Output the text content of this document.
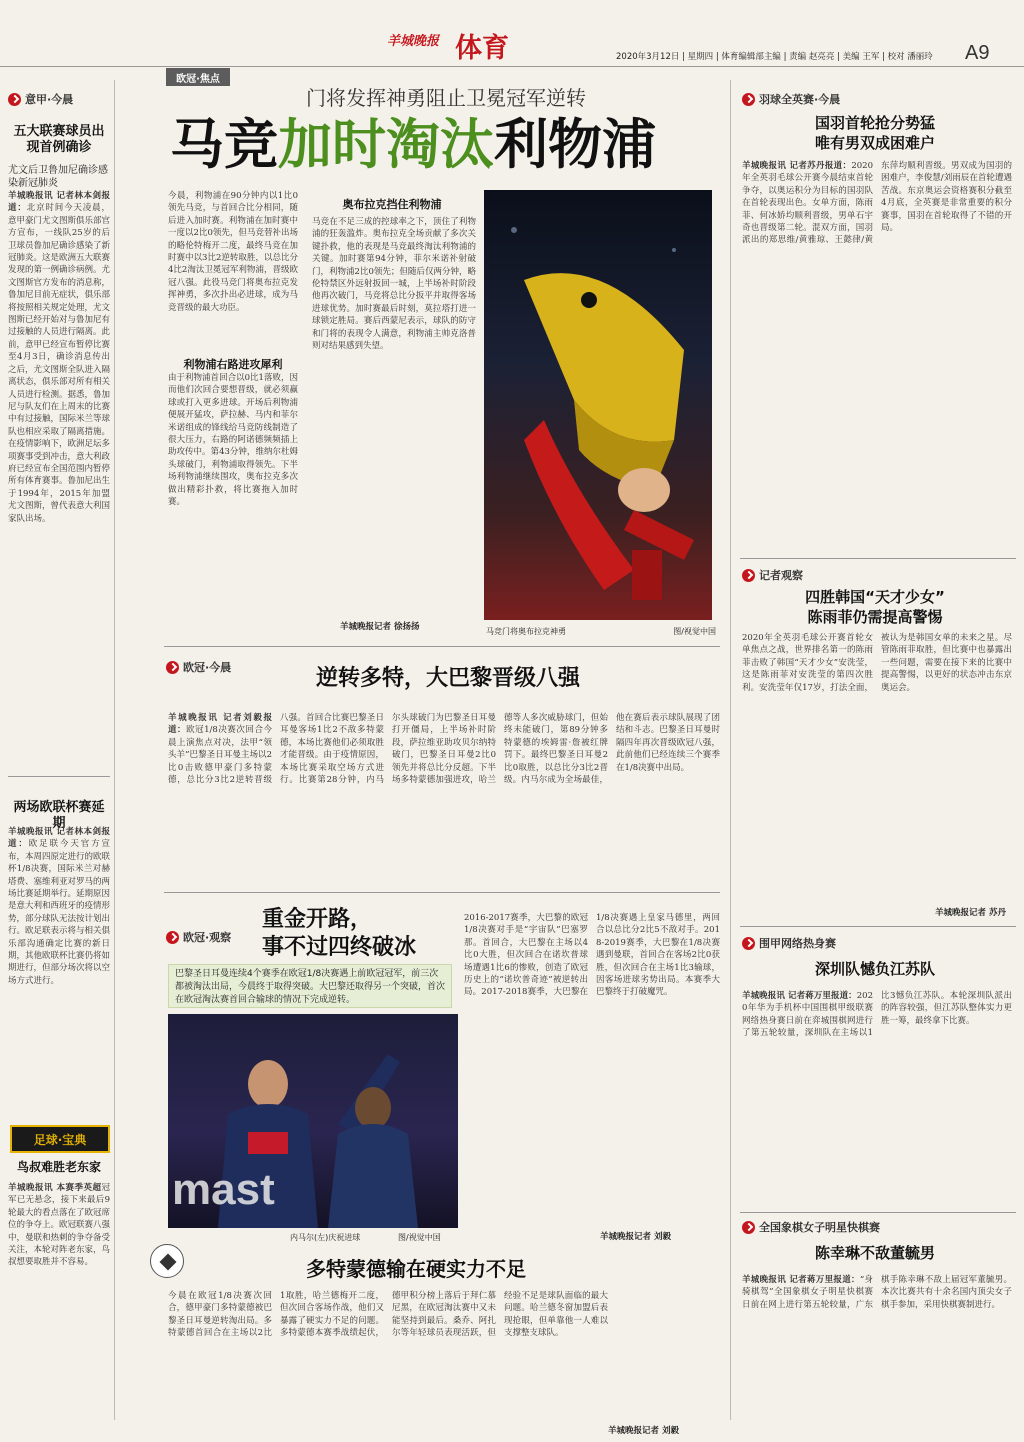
羊城晚报 体育	2020年3月12日 | 星期四 | 体育编辑部主编 | 责编 赵亮亮 | 美编 王军 | 校对 潘丽玲	A9
意甲·今晨
五大联赛球员出现首例确诊
尤文后卫鲁加尼确诊感染新冠肺炎
羊城晚报讯 记者林本剑报道：北京时间今天凌晨，意甲豪门尤文图斯俱乐部官方宣布，一线队25岁的后卫球员鲁加尼确诊感染了新冠肺炎。这是欧洲五大联赛发现的第一例确诊病例。尤文图斯官方发布的消息称，鲁加尼目前无症状，俱乐部将按照相关规定处理，尤文图斯已经开始对与鲁加尼有过接触的人员进行隔离。此前，意甲已经宣布暂停比赛至4月3日，确诊消息传出之后，尤文图斯全队进入隔离状态，俱乐部对所有相关人员进行检测。据悉，鲁加尼与队友们在上周末的比赛中有过接触，国际米兰等球队也相应采取了隔离措施。在疫情影响下，欧洲足坛多项赛事受到冲击，意大利政府已经宣布全国范围内暂停所有体育赛事。鲁加尼出生于1994年，2015年加盟尤文图斯，曾代表意大利国家队出场。
两场欧联杯赛延期
羊城晚报讯 记者林本剑报道：欧足联今天官方宣布，本周四原定进行的欧联杯1/8决赛，国际米兰对赫塔费、塞维利亚对罗马的两场比赛延期举行。延期原因是意大利和西班牙的疫情形势，部分球队无法按计划出行。欧足联表示将与相关俱乐部沟通确定比赛的新日期，其他欧联杯比赛仍将如期进行，但部分场次将以空场方式进行。
足球·宝典
鸟叔难胜老东家
羊城晚报讯 本赛季英超冠军已无悬念，接下来最后9轮最大的看点落在了欧冠席位的争夺上。欧冠联赛八强中，曼联和热刺的争夺备受关注，本轮对阵老东家，鸟叔想要取胜并不容易。
欧冠·焦点
门将发挥神勇阻止卫冕冠军逆转
马竞加时淘汰利物浦
今晨，利物浦在90分钟内以1比0领先马竞，与首回合比分相同，随后进入加时赛。利物浦在加时赛中一度以2比0领先，但马竞替补出场的略伦特梅开二度，最终马竞在加时赛中以3比2逆转取胜，以总比分4比2淘汰卫冕冠军利物浦，晋级欧冠八强。此役马竞门将奥布拉克发挥神勇，多次扑出必进球，成为马竞晋级的最大功臣。
利物浦右路进攻犀利
由于利物浦首回合以0比1落败，因而他们次回合要想晋级，就必须赢球或打入更多进球。开场后利物浦便展开猛攻，萨拉赫、马内和菲尔米诺组成的锋线给马竞防线制造了很大压力，右路的阿诺德频频插上助攻传中。第43分钟，维纳尔杜姆头球破门，利物浦取得领先。下半场利物浦继续围攻，奥布拉克多次做出精彩扑救，将比赛拖入加时赛。
奥布拉克挡住利物浦
马竞在不足三成的控球率之下，顶住了利物浦的狂轰滥炸。奥布拉克全场贡献了多次关键扑救，他的表现是马竞最终淘汰利物浦的关键。加时赛第94分钟，菲尔米诺补射破门，利物浦2比0领先；但随后仅两分钟，略伦特禁区外远射扳回一城，上半场补时阶段他再次破门，马竞将总比分扳平并取得客场进球优势。加时赛最后时刻，莫拉塔打进一球锁定胜局。赛后西蒙尼表示，球队的防守和门将的表现令人满意，利物浦主帅克洛普则对结果感到失望。
羊城晚报记者 徐扬扬	马竞门将奥布拉克神勇	图/视觉中国
欧冠·今晨	逆转多特，大巴黎晋级八强
羊城晚报讯 记者刘毅报道：欧冠1/8决赛次回合今晨上演焦点对决，法甲“领头羊”巴黎圣日耳曼主场以2比0击败德甲豪门多特蒙德，总比分3比2逆转晋级八强。首回合比赛巴黎圣日耳曼客场1比2不敌多特蒙德，本场比赛他们必须取胜才能晋级。由于疫情原因，本场比赛采取空场方式进行。比赛第28分钟，内马尔头球破门为巴黎圣日耳曼打开僵局，上半场补时阶段，萨拉维亚助攻贝尔纳特破门，巴黎圣日耳曼2比0领先并将总比分反超。下半场多特蒙德加强进攻，哈兰德等人多次威胁球门，但始终未能破门，第89分钟多特蒙德的埃姆雷·詹被红牌罚下。最终巴黎圣日耳曼2比0取胜，以总比分3比2晋级。内马尔成为全场最佳，他在赛后表示球队展现了团结和斗志。巴黎圣日耳曼时隔四年再次晋级欧冠八强，此前他们已经连续三个赛季在1/8决赛中出局。
欧冠·观察
重金开路，
事不过四终破冰
巴黎圣日耳曼连续4个赛季在欧冠1/8决赛遇上前欧冠冠军，前三次都被淘汰出局，今晨终于取得突破。大巴黎还取得另一个突破，首次在欧冠淘汰赛首回合输球的情况下完成逆转。
mast
内马尔(左)庆祝进球	图/视觉中国
2016-2017赛季，大巴黎的欧冠1/8决赛对手是“宇宙队”巴塞罗那。首回合，大巴黎在主场以4比0大胜，但次回合在诺坎普球场遭遇1比6的惨败，创造了欧冠历史上的“诺坎普奇迹”被逆转出局。2017-2018赛季，大巴黎在1/8决赛遇上皇家马德里，两回合以总比分2比5不敌对手。2018-2019赛季，大巴黎在1/8决赛遇到曼联，首回合在客场2比0获胜，但次回合在主场1比3输球，因客场进球劣势出局。本赛季大巴黎终于打破魔咒。
羊城晚报记者 刘毅
多特蒙德输在硬实力不足
今晨在欧冠1/8决赛次回合，德甲豪门多特蒙德被巴黎圣日耳曼逆转淘出局。多特蒙德首回合在主场以2比1取胜，哈兰德梅开二度，但次回合客场作战，他们又暴露了硬实力不足的问题。多特蒙德本赛季战绩起伏，德甲积分榜上落后于拜仁慕尼黑，在欧冠淘汰赛中又未能坚持到最后。桑乔、阿扎尔等年轻球员表现活跃，但经验不足是球队面临的最大问题。哈兰德冬窗加盟后表现抢眼，但单靠他一人难以支撑整支球队。
羊城晚报记者 刘毅
羽球全英赛·今晨
国羽首轮抢分势猛
唯有男双成困难户
羊城晚报讯 记者苏丹报道：2020年全英羽毛球公开赛今晨结束首轮争夺，以奥运积分为目标的国羽队在首轮表现出色。女单方面，陈雨菲、何冰娇均顺利晋级，男单石宇奇也晋级第二轮。混双方面，国羽派出的郑思维/黄雅琼、王懿律/黄东萍均顺利晋级。男双成为国羽的困难户，李俊慧/刘雨辰在首轮遭遇苦战。东京奥运会资格赛积分截至4月底，全英赛是非常重要的积分赛事，国羽在首轮取得了不错的开局。
记者观察
四胜韩国“天才少女”
陈雨菲仍需提高警惕
2020年全英羽毛球公开赛首轮女单焦点之战，世界排名第一的陈雨菲击败了韩国“天才少女”安洗莹，这是陈雨菲对安洗莹的第四次胜利。安洗莹年仅17岁，打法全面，被认为是韩国女单的未来之星。尽管陈雨菲取胜，但比赛中也暴露出一些问题，需要在接下来的比赛中提高警惕，以更好的状态冲击东京奥运会。
羊城晚报记者 苏丹
围甲网络热身赛
深圳队憾负江苏队
羊城晚报讯 记者蒋万里报道：2020年华为手机杯中国围棋甲级联赛网络热身赛日前在弈城围棋网进行了第五轮较量，深圳队在主场以1比3憾负江苏队。本轮深圳队派出的阵容较强，但江苏队整体实力更胜一筹，最终拿下比赛。
全国象棋女子明星快棋赛
陈幸琳不敌董毓男
羊城晚报讯 记者蒋万里报道：“身骑棋驾”全国象棋女子明星快棋赛日前在网上进行第五轮较量，广东棋手陈幸琳不敌上届冠军董毓男。本次比赛共有十余名国内顶尖女子棋手参加，采用快棋赛制进行。
